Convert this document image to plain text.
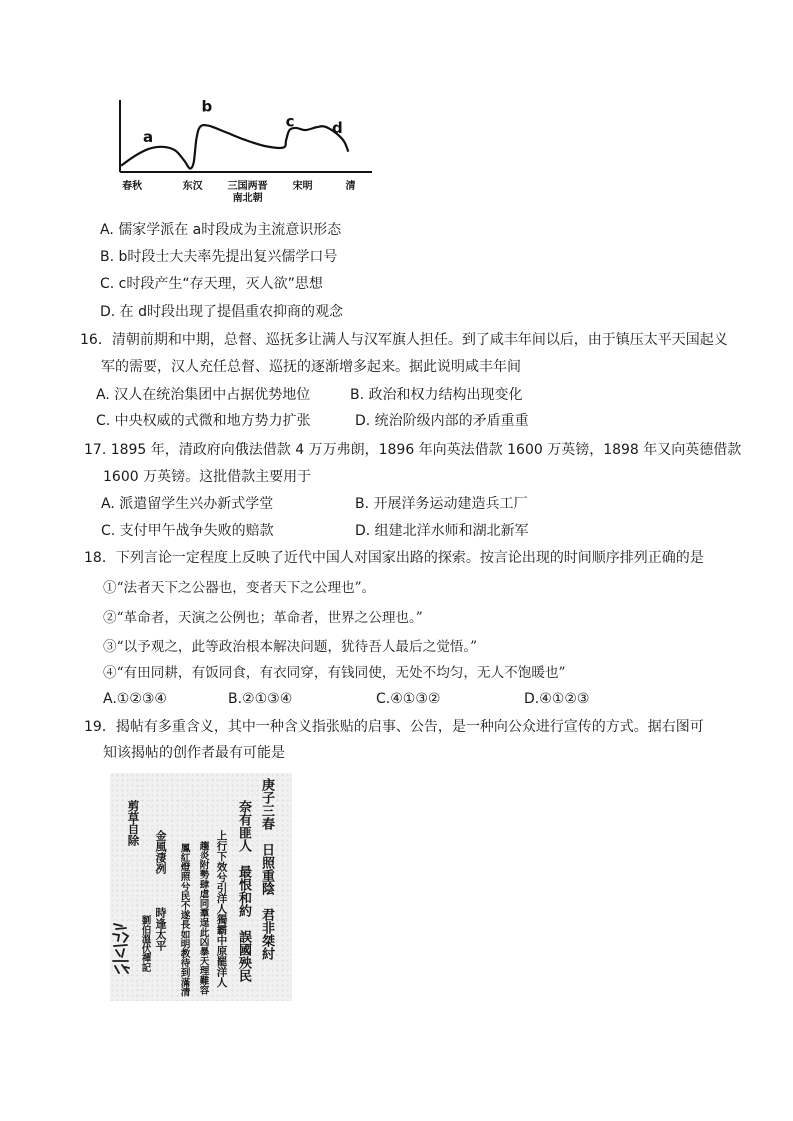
春秋	东汉	三国两晋
南北朝
宋明	清
a
b
c d
A. 儒家学派在 a时段成为主流意识形态
B. b时段士大夫率先提出复兴儒学口号
C. c时段产生“存天理，灭人欲”思想
D. 在 d时段出现了提倡重农抑商的观念
16．清朝前期和中期，总督、巡抚多让满人与汉军旗人担任。到了咸丰年间以后，由于镇压太平天国起义
军的需要，汉人充任总督、巡抚的逐渐增多起来。据此说明咸丰年间
A. 汉人在统治集团中占据优势地位	B. 政治和权力结构出现变化
C. 中央权威的式微和地方势力扩张	D. 统治阶级内部的矛盾重重
17. 1895 年，清政府向俄法借款 4 万万弗朗，1896 年向英法借款 1600 万英镑，1898 年又向英德借款
1600 万英镑。这批借款主要用于
A. 派遣留学生兴办新式学堂	B. 开展洋务运动建造兵工厂
C. 支付甲午战争失败的赔款	D. 组建北洋水师和湖北新军
18．下列言论一定程度上反映了近代中国人对国家出路的探索。按言论出现的时间顺序排列正确的是
①“法者天下之公器也，变者天下之公理也”。
②“革命者，天演之公例也；革命者，世界之公理也。”
③“以予观之，此等政治根本解决问题，犹待吾人最后之觉悟。”
④“有田同耕，有饭同食，有衣同穿，有钱同使，无处不均匀，无人不饱暖也”
A.①②③④	B.②①③④	C.④①③②	D.④①②③
19．揭帖有多重含义，其中一种含义指张贴的启事、公告，是一种向公众进行宣传的方式。据右图可
知该揭帖的创作者最有可能是
庚子三春　日照重陰　君非桀紂
奈有匪人　最恨和約　誤國殃民
上行下效兮引洋人獨霸中原罷洋人
趨炎附勢肆虐同羣逞此凶暴天理難容
鳳紅燈照兮民不遂長如明教待到滿清
金風淒冽　　　時逢太平
剪草自除
劉伯溫伏禪記
